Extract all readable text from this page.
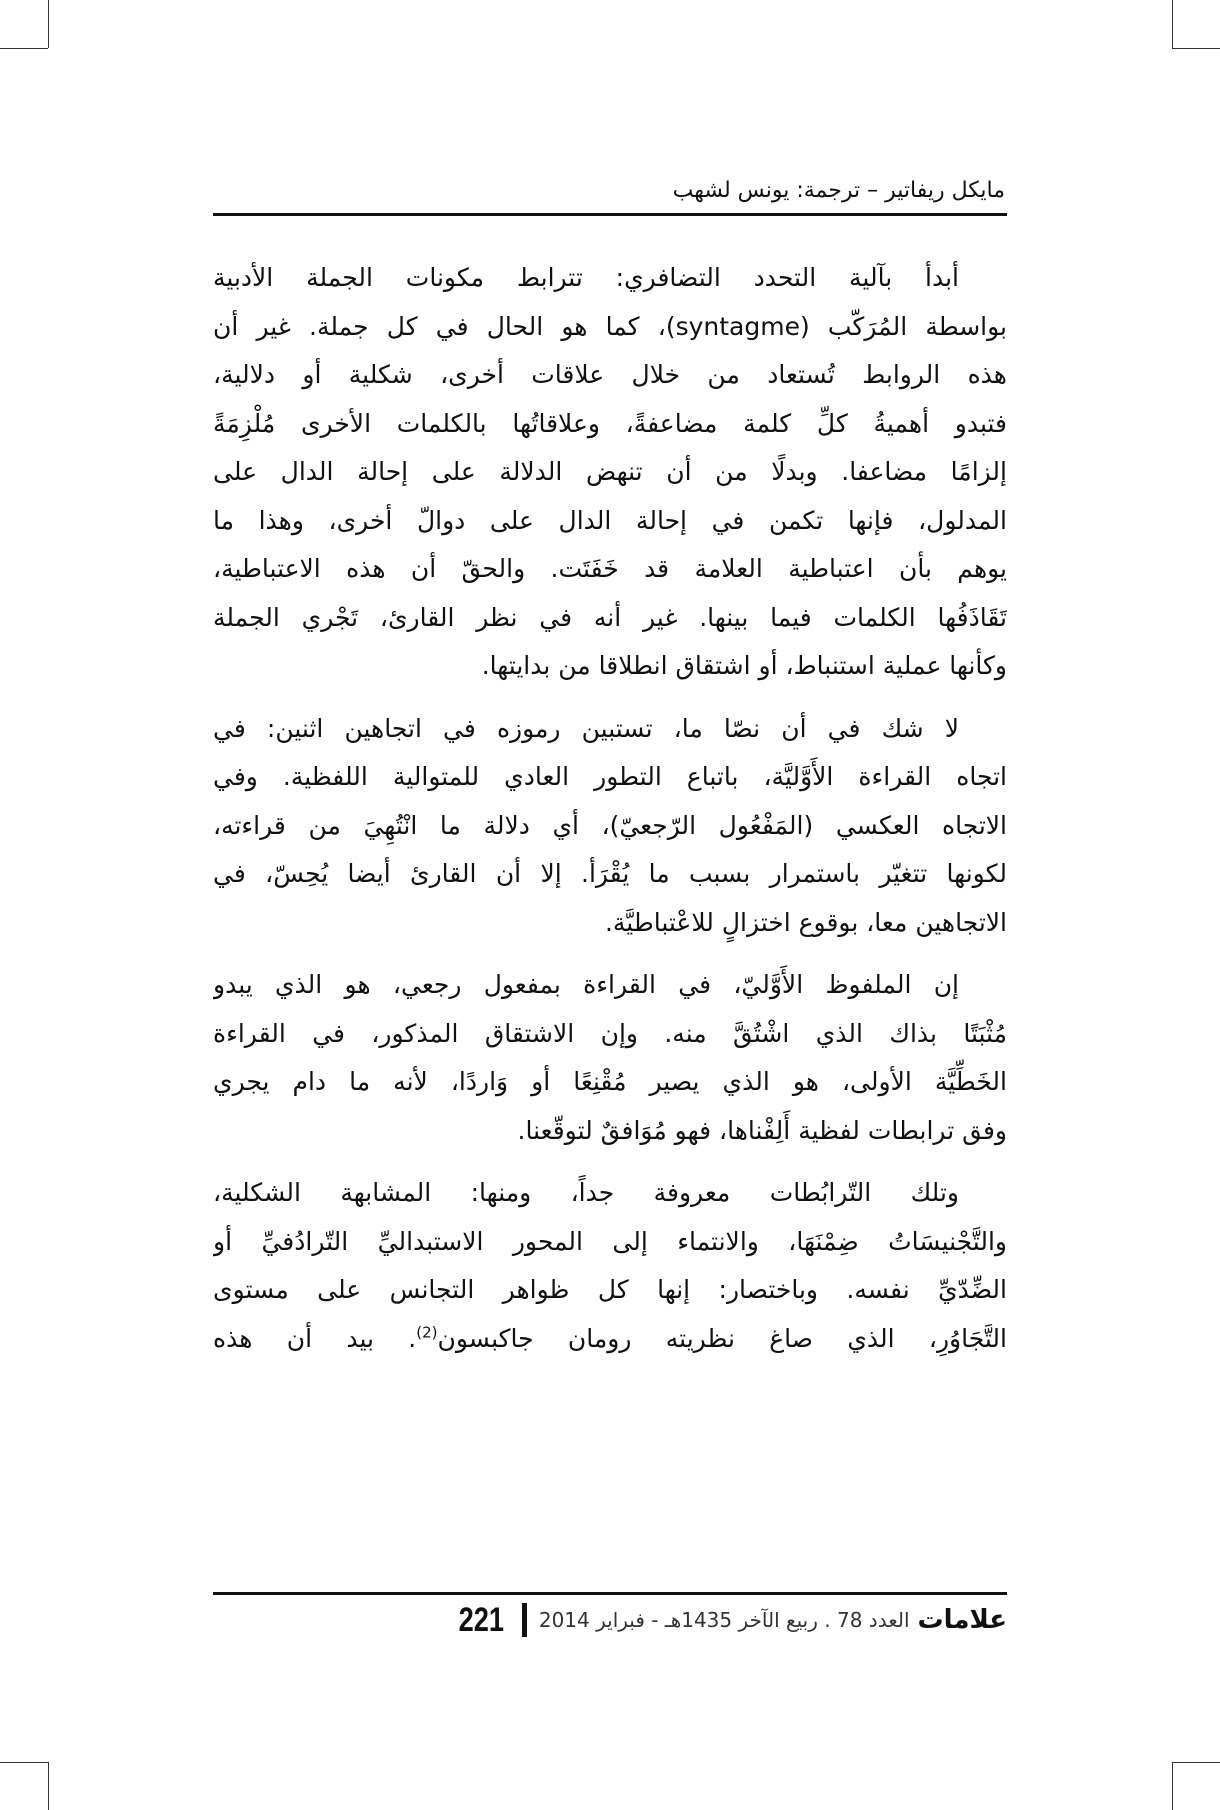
مايكل ريفاتير – ترجمة: يونس لشهب
أبدأ بآلية التحدد التضافري: تترابط مكونات الجملة الأدبية
بواسطة المُرَكّب (syntagme)، كما هو الحال في كل جملة. غير أن
هذه الروابط تُستعاد من خلال علاقات أخرى، شكلية أو دلالية،
فتبدو أهميةُ كلِّ كلمة مضاعفةً، وعلاقاتُها بالكلمات الأخرى مُلْزِمَةً
إلزامًا مضاعفا. وبدلًا من أن تنهض الدلالة على إحالة الدال على
المدلول، فإنها تكمن في إحالة الدال على دوالّ أخرى، وهذا ما
يوهم بأن اعتباطية العلامة قد خَفَتَت. والحقّ أن هذه الاعتباطية،
تَقَاذَفُها الكلمات فيما بينها. غير أنه في نظر القارئ، تَجْري الجملة
وكأنها عملية استنباط، أو اشتقاق انطلاقا من بدايتها.
لا شك في أن نصّا ما، تستبين رموزه في اتجاهين اثنين: في
اتجاه القراءة الأَوَّليَّة، باتباع التطور العادي للمتوالية اللفظية. وفي
الاتجاه العكسي (المَفْعُول الرّجعيّ)، أي دلالة ما انْتُهِيَ من قراءته،
لكونها تتغيّر باستمرار بسبب ما يُقْرَأ. إلا أن القارئ أيضا يُحِسّ، في
الاتجاهين معا، بوقوع اختزالٍ للاعْتباطيَّة.
إن الملفوظ الأَوَّليّ، في القراءة بمفعول رجعي، هو الذي يبدو
مُثْبَتًا بذاك الذي اشْتُقَّ منه. وإن الاشتقاق المذكور، في القراءة
الخَطِّيَّة الأولى، هو الذي يصير مُقْنِعًا أو وَاردًا، لأنه ما دام يجري
وفق ترابطات لفظية أَلِفْناها، فهو مُوَافقٌ لتوقّعنا.
وتلك التّرابُطات معروفة جداً، ومنها: المشابهة الشكلية،
والتَّجْنيسَاتُ ضِمْنَهَا، والانتماء إلى المحور الاستبداليِّ التّرادُفيِّ أو
الضِّدّيِّ نفسه. وباختصار: إنها كل ظواهر التجانس على مستوى
التَّجَاوُرِ، الذي صاغ نظريته رومان جاكبسون$^{(2)}$. بيد أن هذه
علامات
العدد 78 . ربيع الآخر 1435هـ - فبراير 2014
221
